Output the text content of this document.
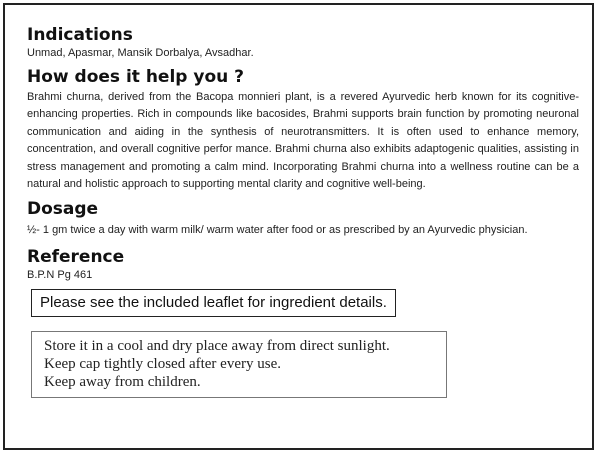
Indications

Unmad, Apasmar, Mansik Dorbalya, Avsadhar.

How does it help you ?

Brahmi churna, derived from the Bacopa monnieri plant, is a revered Ayurvedic herb known for its cognitive-enhancing properties. Rich in compounds like bacosides, Brahmi supports brain function by promoting neuronal communication and aiding in the synthesis of neurotransmitters. It is often used to enhance memory, concentration, and overall cognitive perfor mance. Brahmi churna also exhibits adaptogenic qualities, assisting in stress management and promoting a calm mind. Incorporating Brahmi churna into a wellness routine can be a natural and holistic approach to supporting mental clarity and cognitive well-being.

Dosage

½- 1 gm twice a day with warm milk/ warm water after food or as prescribed by an Ayurvedic physician.

Reference

B.P.N Pg 461

Please see the included leaflet for ingredient details.
Store it in a cool and dry place away from direct sunlight.
Keep cap tightly closed after every use.
Keep away from children.
